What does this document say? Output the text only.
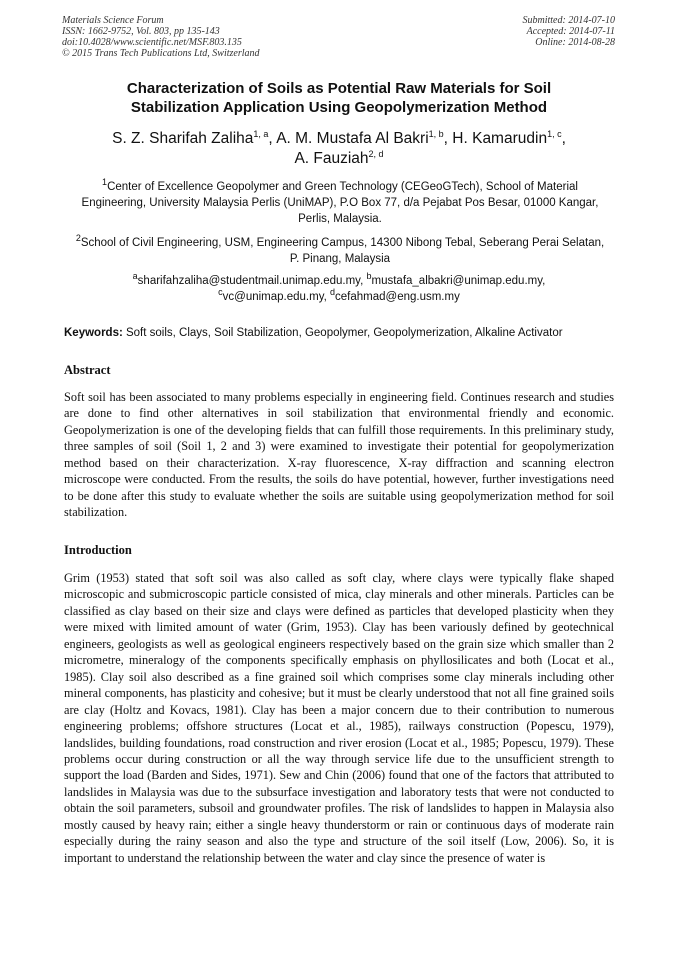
Materials Science Forum
ISSN: 1662-9752, Vol. 803, pp 135-143
doi:10.4028/www.scientific.net/MSF.803.135
© 2015 Trans Tech Publications Ltd, Switzerland
Submitted: 2014-07-10
Accepted: 2014-07-11
Online: 2014-08-28
Characterization of Soils as Potential Raw Materials for Soil
Stabilization Application Using Geopolymerization Method
S. Z. Sharifah Zaliha$^{1, a}$, A. M. Mustafa Al Bakri$^{1, b}$, H. Kamarudin$^{1, c}$,
A. Fauziah$^{2, d}$
$^1$Center of Excellence Geopolymer and Green Technology (CEGeoGTech), School of Material Engineering, University Malaysia Perlis (UniMAP), P.O Box 77, d/a Pejabat Pos Besar, 01000 Kangar, Perlis, Malaysia.
$^2$School of Civil Engineering, USM, Engineering Campus, 14300 Nibong Tebal, Seberang Perai Selatan, P. Pinang, Malaysia
$^a$sharifahzaliha@studentmail.unimap.edu.my, $^b$mustafa_albakri@unimap.edu.my,
$^c$vc@unimap.edu.my, $^d$cefahmad@eng.usm.my
Keywords: Soft soils, Clays, Soil Stabilization, Geopolymer, Geopolymerization, Alkaline Activator
Abstract
Soft soil has been associated to many problems especially in engineering field. Continues research and studies are done to find other alternatives in soil stabilization that environmental friendly and economic. Geopolymerization is one of the developing fields that can fulfill those requirements. In this preliminary study, three samples of soil (Soil 1, 2 and 3) were examined to investigate their potential for geopolymerization method based on their characterization. X-ray fluorescence, X-ray diffraction and scanning electron microscope were conducted. From the results, the soils do have potential, however, further investigations need to be done after this study to evaluate whether the soils are suitable using geopolymerization method for soil stabilization.
Introduction
Grim (1953) stated that soft soil was also called as soft clay, where clays were typically flake shaped microscopic and submicroscopic particle consisted of mica, clay minerals and other minerals. Particles can be classified as clay based on their size and clays were defined as particles that developed plasticity when they were mixed with limited amount of water (Grim, 1953). Clay has been variously defined by geotechnical engineers, geologists as well as geological engineers respectively based on the grain size which smaller than 2 micrometre, mineralogy of the components specifically emphasis on phyllosilicates and both (Locat et al., 1985). Clay soil also described as a fine grained soil which comprises some clay minerals including other mineral components, has plasticity and cohesive; but it must be clearly understood that not all fine grained soils are clay (Holtz and Kovacs, 1981). Clay has been a major concern due to their contribution to numerous engineering problems; offshore structures (Locat et al., 1985), railways construction (Popescu, 1979), landslides, building foundations, road construction and river erosion (Locat et al., 1985; Popescu, 1979). These problems occur during construction or all the way through service life due to the unsufficient strength to support the load (Barden and Sides, 1971). Sew and Chin (2006) found that one of the factors that attributed to landslides in Malaysia was due to the subsurface investigation and laboratory tests that were not conducted to obtain the soil parameters, subsoil and groundwater profiles. The risk of landslides to happen in Malaysia also mostly caused by heavy rain; either a single heavy thunderstorm or rain or continuous days of moderate rain especially during the rainy season and also the type and structure of the soil itself (Low, 2006). So, it is important to understand the relationship between the water and clay since the presence of water is
